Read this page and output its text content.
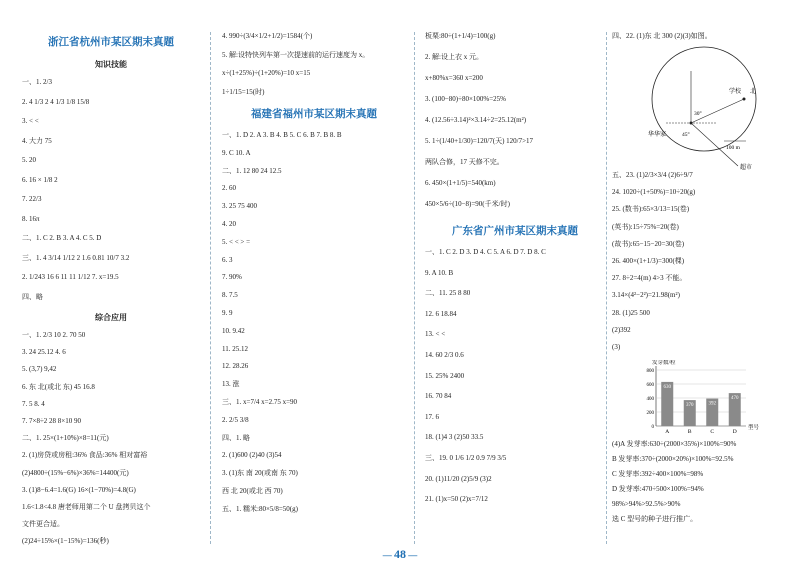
浙江省杭州市某区期末真题
知识技能
一、1. 2/3
2. 4 1/3 2 4 1/3 1/8 15/8
3. < <
4. 大力 75
5. 20
6. 16 × 1/8 2
7. 22/3
8. 16π
二、1. C 2. B 3. A 4. C 5. D
三、1. 4 3/14 1/12 2 1.6 0.81 10/7 3.2
2. 1/243 16 6 11 11 1/12 7. x=19.5
四、略
综合应用
一、1. 2/3 10 2. 70 50
3. 24 25.12 4. 6
5. (3,7) 9,42
6. 东 北(或北 东) 45 16.8
7. 5 8. 4
7. 7×8÷2 28 8×10 90
二、1. 25×(1+10%)×8=11(元)
2. (1)房贷或房租:36% 食品:36% 相对富裕
(2)4800÷(15%−6%)×36%=14400(元)
3. (1)8−6.4=1.6(G) 16×(1−70%)=4.8(G)
1.6<1.8<4.8 唐老师用第二个 U 盘拷贝这个
文件更合适。
(2)24÷15%×(1−15%)=136(秒)
4. 990÷(3/4×1/2+1/2)=1584(个)
5. 解:设特快列车第一次提速前的运行速度为 x。
x÷(1+25%)÷(1+20%)=10 x=15
1÷1/15=15(时)
福建省福州市某区期末真题
一、1. D 2. A 3. B 4. B 5. C 6. B 7. B 8. B
9. C 10. A
二、1. 12 80 24 12.5
2. 60
3. 25 75 400
4. 20
5. < < > =
6. 3
7. 90%
8. 7.5
9. 9
10. 9.42
11. 25.12
12. 28.26
13. 涨
三、1. x=7/4 x=2.75 x=90
2. 2/5 3/8
四、1. 略
2. (1)600 (2)40 (3)54
3. (1)东 南 20(或南 东 70)
西 北 20(或北 西 70)
五、1. 糯米:80×5/8=50(g)
板栗:80÷(1+1/4)=100(g)
2. 解:设上衣 x 元。
x+80%x=360 x=200
3. (100−80)÷80×100%=25%
4. (12.56÷3.14)²×3.14÷2=25.12(m²)
5. 1÷(1/40+1/30)=120/7(天) 120/7>17
两队合修，17 天修不完。
6. 450×(1+1/5)=540(km)
450×5/6÷(10−8)=90(千米/时)
广东省广州市某区期末真题
一、1. C 2. D 3. D 4. C 5. A 6. D 7. D 8. C
9. A 10. B
二、11. 25 8 80
12. 6 18.84
13. < <
14. 60 2/3 0.6
15. 25% 2400
16. 70 84
17. 6
18. (1)4 3 (2)50 33.5
三、19. 0 1/6 1/2 0.9 7/9 3/5
20. (1)11/20 (2)5/9 (3)2
21. (1)x=50 (2)x=7/12
四、22. (1)东 北 300 (2)(3)如图。
学校 北
华华家
超市
30°
45°
100 m
五、23. (1)2/3×3/4 (2)6÷9/7
24. 1020÷(1+50%)=10÷20(g)
25. (数书):65×3/13=15(卷)
(英书):15÷75%=20(卷)
(故书):65−15−20=30(卷)
26. 400×(1+1/3)=300(棵)
27. 8÷2=4(m) 4>3 不能。
3.14×(4²−2²)=21.98(m²)
28. (1)25 500
(2)392
(3)
发芽数/粒
型号
0
200
400
600
800
630
A
370
B
392
C
470
D
(4)A 发芽率:630÷(2000×35%)×100%=90%
B 发芽率:370÷(2000×20%)×100%=92.5%
C 发芽率:392÷400×100%=98%
D 发芽率:470÷500×100%=94%
98%>94%>92.5%>90%
选 C 型号的种子进行推广。
— 48 —
